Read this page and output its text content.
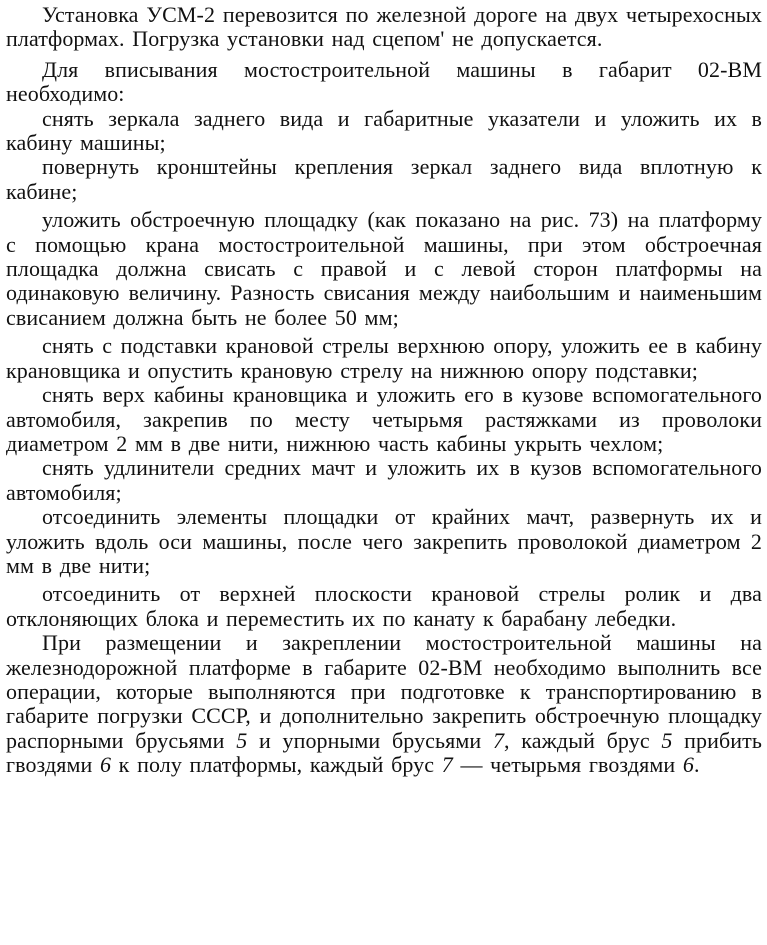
Установка УСМ-2 перевозится по железной дороге на двух четырехосных платформах. Погрузка установки над сцепом' не допускается.

Для вписывания мостостроительной машины в габарит 02-ВМ необходимо:

снять зеркала заднего вида и габаритные указатели и уложить их в кабину машины;

повернуть кронштейны крепления зеркал заднего вида вплотную к кабине;

уложить обстроечную площадку (как показано на рис. 73) на платформу с помощью крана мостостроительной машины, при этом обстроечная площадка должна свисать с правой и с левой сторон платформы на одинаковую величину. Разность свисания между наибольшим и наименьшим свисанием должна быть не более 50 мм;

снять с подставки крановой стрелы верхнюю опору, уложить ее в кабину крановщика и опустить крановую стрелу на нижнюю опору подставки;

снять верх кабины крановщика и уложить его в кузове вспомогательного автомобиля, закрепив по месту четырьмя растяжками из проволоки диаметром 2 мм в две нити, нижнюю часть кабины укрыть чехлом;

снять удлинители средних мачт и уложить их в кузов вспомогательного автомобиля;

отсоединить элементы площадки от крайних мачт, развернуть их и уложить вдоль оси машины, после чего закрепить проволокой диаметром 2 мм в две нити;

отсоединить от верхней плоскости крановой стрелы ролик и два отклоняющих блока и переместить их по канату к барабану лебедки.

При размещении и закреплении мостостроительной машины на железнодорожной платформе в габарите 02-ВМ необходимо выполнить все операции, которые выполняются при подготовке к транспортированию в габарите погрузки СССР, и дополнительно закрепить обстроечную площадку распорными брусьями 5 и упорными брусьями 7, каждый брус 5 прибить гвоздями 6 к полу платформы, каждый брус 7 — четырьмя гвоздями 6.
